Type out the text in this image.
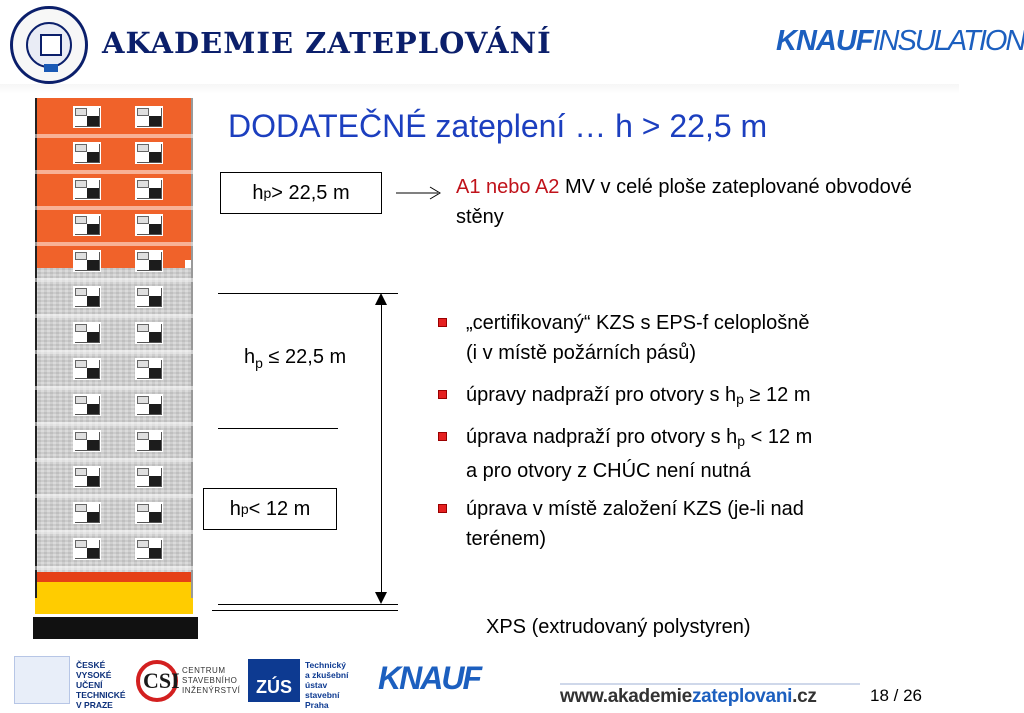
AKADEMIE ZATEPLOVÁNÍ	KNAUFINSULATION
DODATEČNÉ zateplení … h > 22,5 m
h p > 22,5 m	A1 nebo A2 MV v celé ploše zateplované obvodové stěny
$h_p \le 22,5$ m
h p < 12 m
„certifikovaný“ KZS s EPS-f celoplošně
(i v místě požárních pásů)
úpravy nadpraží pro otvory s $h_p \ge 12$ m
úprava nadpraží pro otvory s $h_p < 12$ m
a pro otvory z CHÚC není nutná
úprava v místě založení KZS (je-li nad
terénem)
XPS (extrudovaný polystyren)
ČESKÉ
VYSOKÉ
UČENÍ
TECHNICKÉ
V PRAZE
CSI CENTRUM
STAVEBNÍHO
INŽENÝRSTVÍ ZÚS
Technický
a zkušební
ústav
stavební
Praha
KNAUF
www.akademiezateplovani.cz	18 / 26
